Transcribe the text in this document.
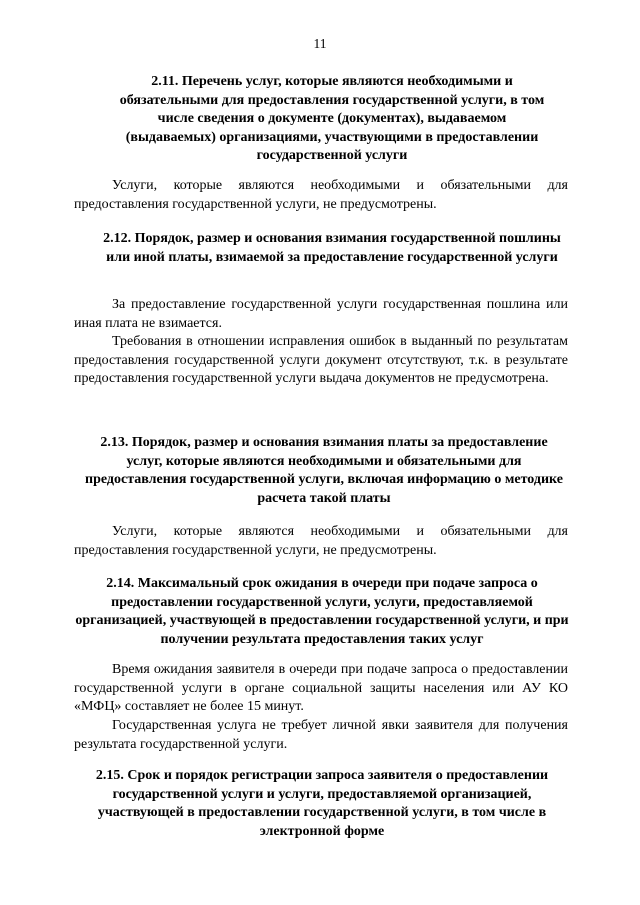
11
2.11. Перечень услуг, которые являются необходимыми и обязательными для предоставления государственной услуги, в том числе сведения о документе (документах), выдаваемом (выдаваемых) организациями, участвующими в предоставлении государственной услуги

Услуги, которые являются необходимыми и обязательными для предоставления государственной услуги, не предусмотрены.

2.12. Порядок, размер и основания взимания государственной пошлины или иной платы, взимаемой за предоставление государственной услуги

За предоставление государственной услуги государственная пошлина или иная плата не взимается.

Требования в отношении исправления ошибок в выданный по результатам предоставления государственной услуги документ отсутствуют, т.к. в результате предоставления государственной услуги выдача документов не предусмотрена.

2.13. Порядок, размер и основания взимания платы за предоставление услуг, которые являются необходимыми и обязательными для предоставления государственной услуги, включая информацию о методике расчета такой платы

Услуги, которые являются необходимыми и обязательными для предоставления государственной услуги, не предусмотрены.

2.14. Максимальный срок ожидания в очереди при подаче запроса о предоставлении государственной услуги, услуги, предоставляемой организацией, участвующей в предоставлении государственной услуги, и при получении результата предоставления таких услуг

Время ожидания заявителя в очереди при подаче запроса о предоставлении государственной услуги в органе социальной защиты населения или АУ КО «МФЦ» составляет не более 15 минут.

Государственная услуга не требует личной явки заявителя для получения результата государственной услуги.

2.15. Срок и порядок регистрации запроса заявителя о предоставлении государственной услуги и услуги, предоставляемой организацией, участвующей в предоставлении государственной услуги, в том числе в электронной форме
